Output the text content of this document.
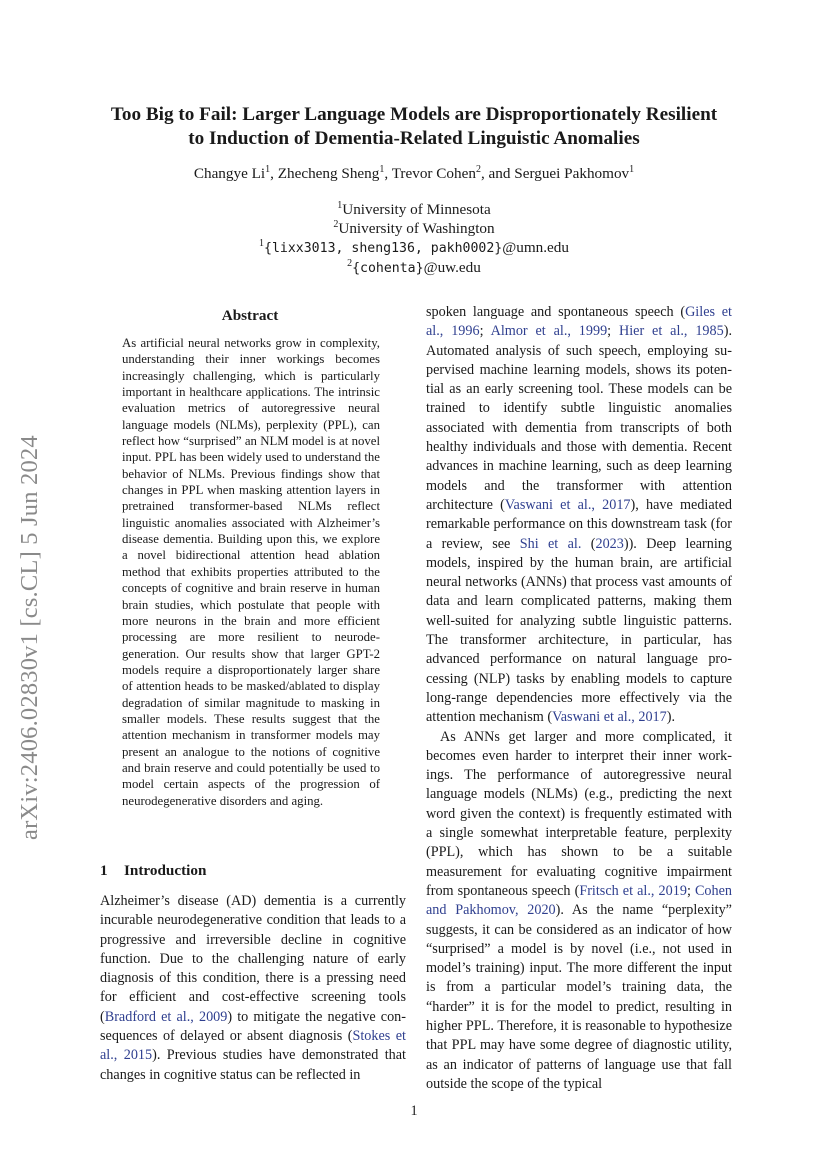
arXiv:2406.02830v1 [cs.CL] 5 Jun 2024
Too Big to Fail: Larger Language Models are Disproportionately Resilient
to Induction of Dementia-Related Linguistic Anomalies
Changye Li$^1$, Zhecheng Sheng$^1$, Trevor Cohen$^2$, and Serguei Pakhomov$^1$
$^1$University of Minnesota
$^2$University of Washington
$^1${lixx3013, sheng136, pakh0002}@umn.edu
$^2${cohenta}@uw.edu
Abstract
As artificial neural networks grow in complexity, understanding their inner workings becomes increasingly challenging, which is particularly important in healthcare applications. The intrinsic evaluation metrics of autoregressive neural language models (NLMs), perplexity (PPL), can reflect how “surprised” an NLM model is at novel input. PPL has been widely used to understand the behavior of NLMs. Previous findings show that changes in PPL when masking attention layers in pretrained transformer-based NLMs reflect linguistic anomalies associated with Alzheimer’s disease dementia. Building upon this, we explore a novel bidirectional attention head ablation method that exhibits properties attributed to the concepts of cognitive and brain reserve in human brain studies, which postulate that people with more neurons in the brain and more efficient processing are more resilient to neurodegeneration. Our results show that larger GPT-2 models require a disproportionately larger share of attention heads to be masked/ablated to display degradation of similar magnitude to masking in smaller models. These results suggest that the attention mechanism in transformer models may present an analogue to the notions of cognitive and brain reserve and could potentially be used to model certain aspects of the progression of neurodegenerative disorders and aging.
1 Introduction
Alzheimer’s disease (AD) dementia is a currently incurable neurodegenerative condition that leads to a progressive and irreversible decline in cognitive function. Due to the challenging nature of early diagnosis of this condition, there is a pressing need for efficient and cost-effective screening tools (Bradford et al., 2009) to mitigate the negative consequences of delayed or absent diagnosis (Stokes et al., 2015). Previous studies have demonstrated that changes in cognitive status can be reflected in

spoken language and spontaneous speech (Giles et al., 1996; Almor et al., 1999; Hier et al., 1985). Automated analysis of such speech, employing supervised machine learning models, shows its potential as an early screening tool. These models can be trained to identify subtle linguistic anomalies associated with dementia from transcripts of both healthy individuals and those with dementia. Recent advances in machine learning, such as deep learning models and the transformer with attention architecture (Vaswani et al., 2017), have mediated remarkable performance on this downstream task (for a review, see Shi et al. (2023)). Deep learning models, inspired by the human brain, are artificial neural networks (ANNs) that process vast amounts of data and learn complicated patterns, making them well-suited for analyzing subtle linguistic patterns. The transformer architecture, in particular, has advanced performance on natural language processing (NLP) tasks by enabling models to capture long-range dependencies more effectively via the attention mechanism (Vaswani et al., 2017).

As ANNs get larger and more complicated, it becomes even harder to interpret their inner workings. The performance of autoregressive neural language models (NLMs) (e.g., predicting the next word given the context) is frequently estimated with a single somewhat interpretable feature, perplexity (PPL), which has shown to be a suitable measurement for evaluating cognitive impairment from spontaneous speech (Fritsch et al., 2019; Cohen and Pakhomov, 2020). As the name “perplexity” suggests, it can be considered as an indicator of how “surprised” a model is by novel (i.e., not used in model’s training) input. The more different the input is from a particular model’s training data, the “harder” it is for the model to predict, resulting in higher PPL. Therefore, it is reasonable to hypothesize that PPL may have some degree of diagnostic utility, as an indicator of patterns of language use that fall outside the scope of the typical

1
